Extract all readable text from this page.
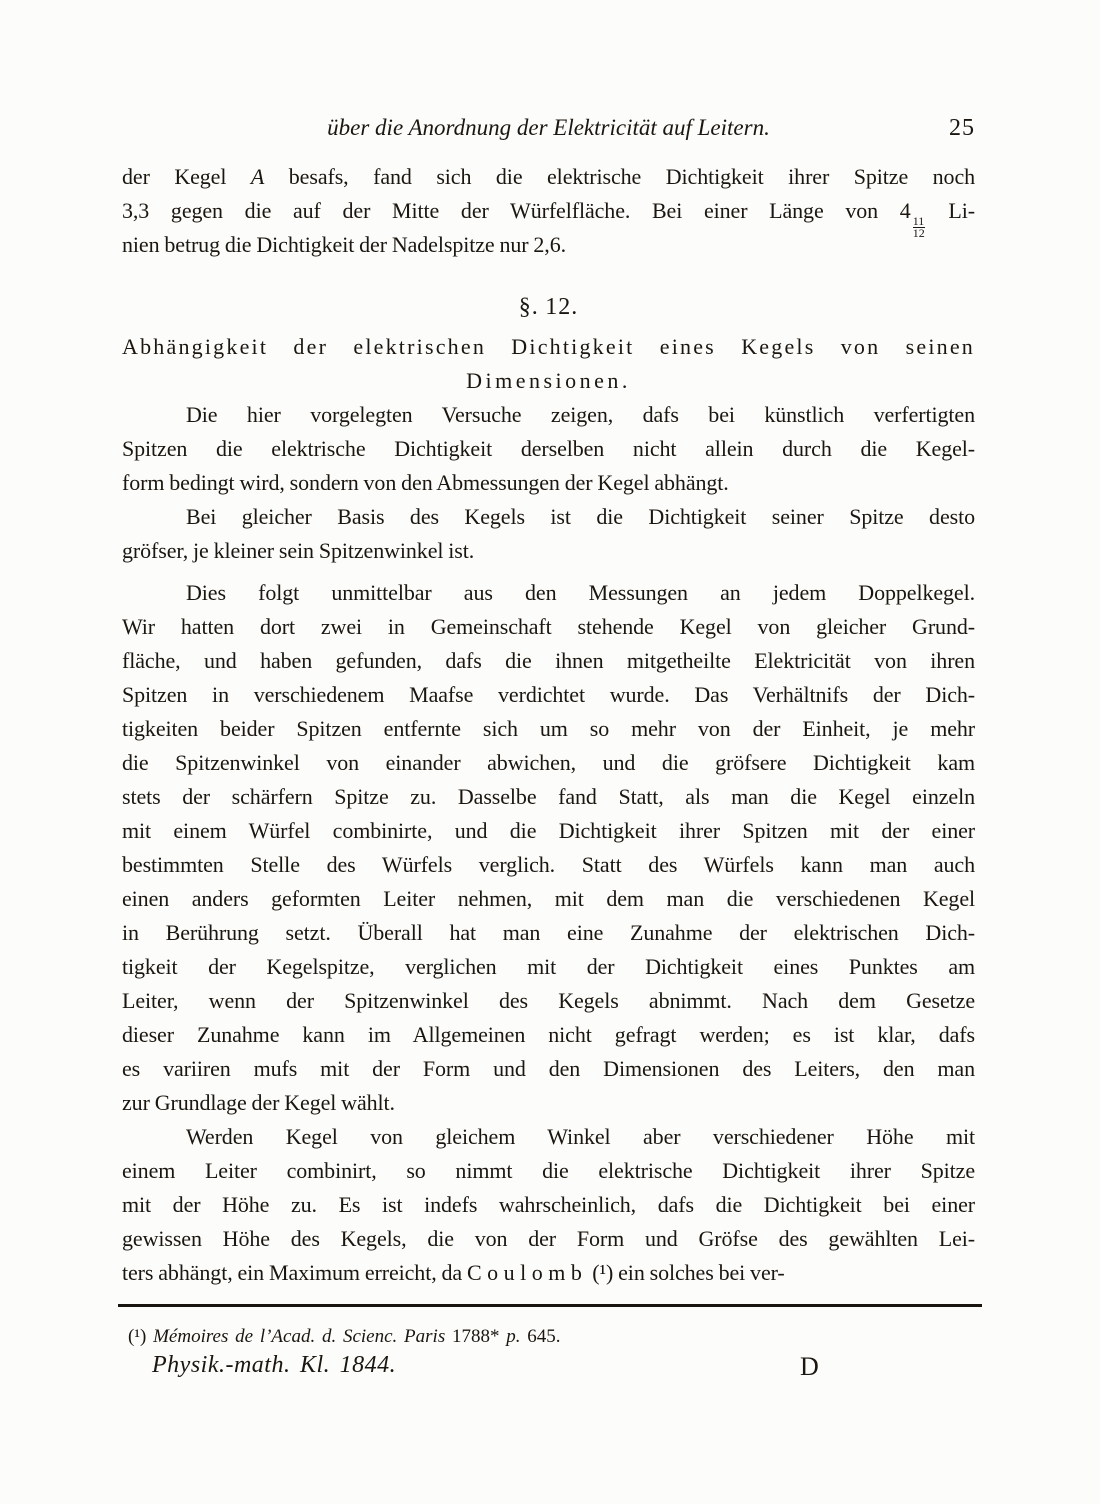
über die Anordnung der Elektricität auf Leitern.	25
der Kegel A besafs, fand sich die elektrische Dichtigkeit ihrer Spitze noch
3,3 gegen die auf der Mitte der Würfelfläche. Bei einer Länge von 4
$\frac{11}{12}$
Li-
nien betrug die Dichtigkeit der Nadelspitze nur 2,6.
§. 12.
Abhängigkeit der elektrischen Dichtigkeit eines Kegels von seinen
Dimensionen.
Die hier vorgelegten Versuche zeigen, dafs bei künstlich verfertigten
Spitzen die elektrische Dichtigkeit derselben nicht allein durch die Kegel-
form bedingt wird, sondern von den Abmessungen der Kegel abhängt.
Bei gleicher Basis des Kegels ist die Dichtigkeit seiner Spitze desto
gröfser, je kleiner sein Spitzenwinkel ist.
Dies folgt unmittelbar aus den Messungen an jedem Doppelkegel.
Wir hatten dort zwei in Gemeinschaft stehende Kegel von gleicher Grund-
fläche, und haben gefunden, dafs die ihnen mitgetheilte Elektricität von ihren
Spitzen in verschiedenem Maafse verdichtet wurde. Das Verhältnifs der Dich-
tigkeiten beider Spitzen entfernte sich um so mehr von der Einheit, je mehr
die Spitzenwinkel von einander abwichen, und die gröfsere Dichtigkeit kam
stets der schärfern Spitze zu. Dasselbe fand Statt, als man die Kegel einzeln
mit einem Würfel combinirte, und die Dichtigkeit ihrer Spitzen mit der einer
bestimmten Stelle des Würfels verglich. Statt des Würfels kann man auch
einen anders geformten Leiter nehmen, mit dem man die verschiedenen Kegel
in Berührung setzt. Überall hat man eine Zunahme der elektrischen Dich-
tigkeit der Kegelspitze, verglichen mit der Dichtigkeit eines Punktes am
Leiter, wenn der Spitzenwinkel des Kegels abnimmt. Nach dem Gesetze
dieser Zunahme kann im Allgemeinen nicht gefragt werden; es ist klar, dafs
es variiren mufs mit der Form und den Dimensionen des Leiters, den man
zur Grundlage der Kegel wählt.
Werden Kegel von gleichem Winkel aber verschiedener Höhe mit
einem Leiter combinirt, so nimmt die elektrische Dichtigkeit ihrer Spitze
mit der Höhe zu. Es ist indefs wahrscheinlich, dafs die Dichtigkeit bei einer
gewissen Höhe des Kegels, die von der Form und Gröfse des gewählten Lei-
ters abhängt, ein Maximum erreicht, da Coulomb (¹) ein solches bei ver-
(¹) Mémoires de l’Acad. d. Scienc. Paris 1788* p. 645.
Physik.-math. Kl. 1844.	D
